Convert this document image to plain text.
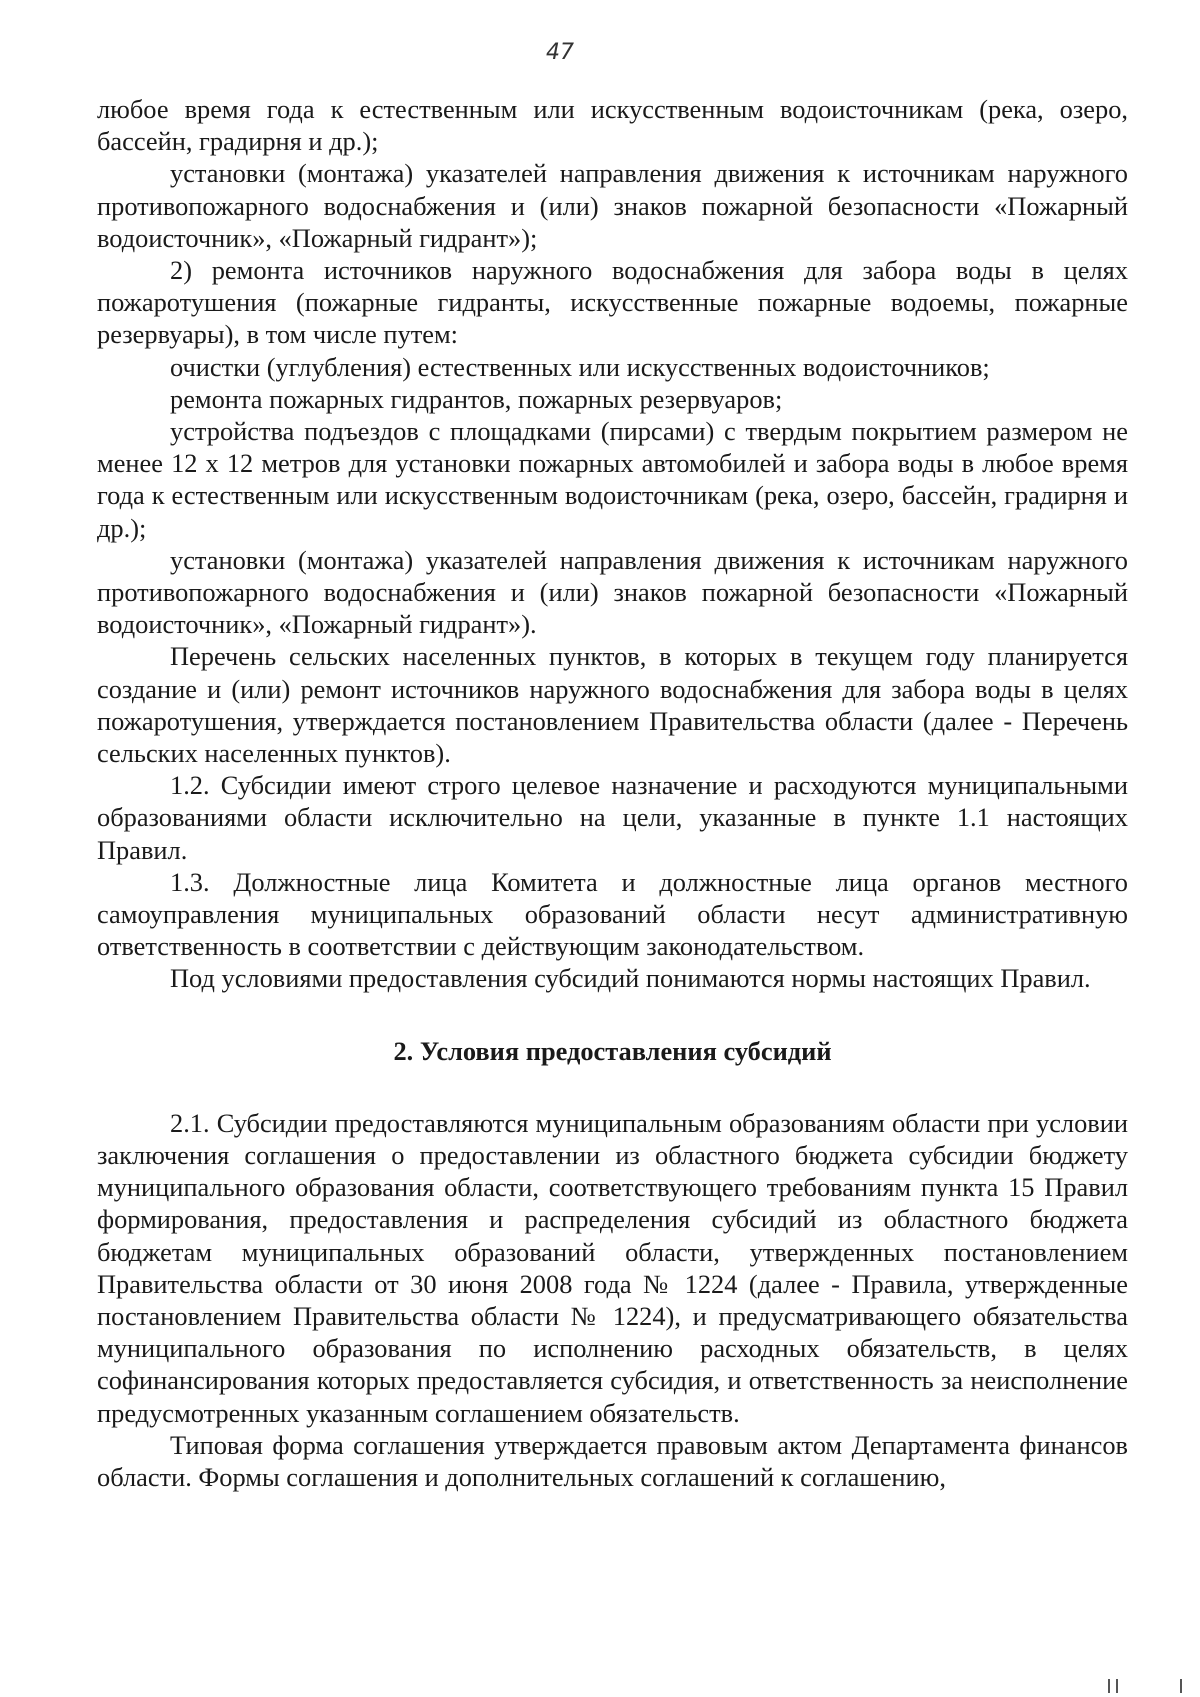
47

любое время года к естественным или искусственным водоисточникам (река, озеро, бассейн, градирня и др.);

установки (монтажа) указателей направления движения к источникам наружного противопожарного водоснабжения и (или) знаков пожарной безопасности «Пожарный водоисточник», «Пожарный гидрант»);

2) ремонта источников наружного водоснабжения для забора воды в целях пожаротушения (пожарные гидранты, искусственные пожарные водоемы, пожарные резервуары), в том числе путем:

очистки (углубления) естественных или искусственных водоисточников;

ремонта пожарных гидрантов, пожарных резервуаров;

устройства подъездов с площадками (пирсами) с твердым покрытием размером не менее 12 х 12 метров для установки пожарных автомобилей и забора воды в любое время года к естественным или искусственным водоисточникам (река, озеро, бассейн, градирня и др.);

установки (монтажа) указателей направления движения к источникам наружного противопожарного водоснабжения и (или) знаков пожарной безопасности «Пожарный водоисточник», «Пожарный гидрант»).

Перечень сельских населенных пунктов, в которых в текущем году планируется создание и (или) ремонт источников наружного водоснабжения для забора воды в целях пожаротушения, утверждается постановлением Правительства области (далее - Перечень сельских населенных пунктов).

1.2. Субсидии имеют строго целевое назначение и расходуются муниципальными образованиями области исключительно на цели, указанные в пункте 1.1 настоящих Правил.

1.3. Должностные лица Комитета и должностные лица органов местного самоуправления муниципальных образований области несут административную ответственность в соответствии с действующим законодательством.

Под условиями предоставления субсидий понимаются нормы настоящих Правил.

2. Условия предоставления субсидий

2.1. Субсидии предоставляются муниципальным образованиям области при условии заключения соглашения о предоставлении из областного бюджета субсидии бюджету муниципального образования области, соответствующего требованиям пункта 15 Правил формирования, предоставления и распределения субсидий из областного бюджета бюджетам муниципальных образований области, утвержденных постановлением Правительства области от 30 июня 2008 года № 1224 (далее - Правила, утвержденные постановлением Правительства области № 1224), и предусматривающего обязательства муниципального образования по исполнению расходных обязательств, в целях софинансирования которых предоставляется субсидия, и ответственность за неисполнение предусмотренных указанным соглашением обязательств.

Типовая форма соглашения утверждается правовым актом Департамента финансов области. Формы соглашения и дополнительных соглашений к соглашению,
